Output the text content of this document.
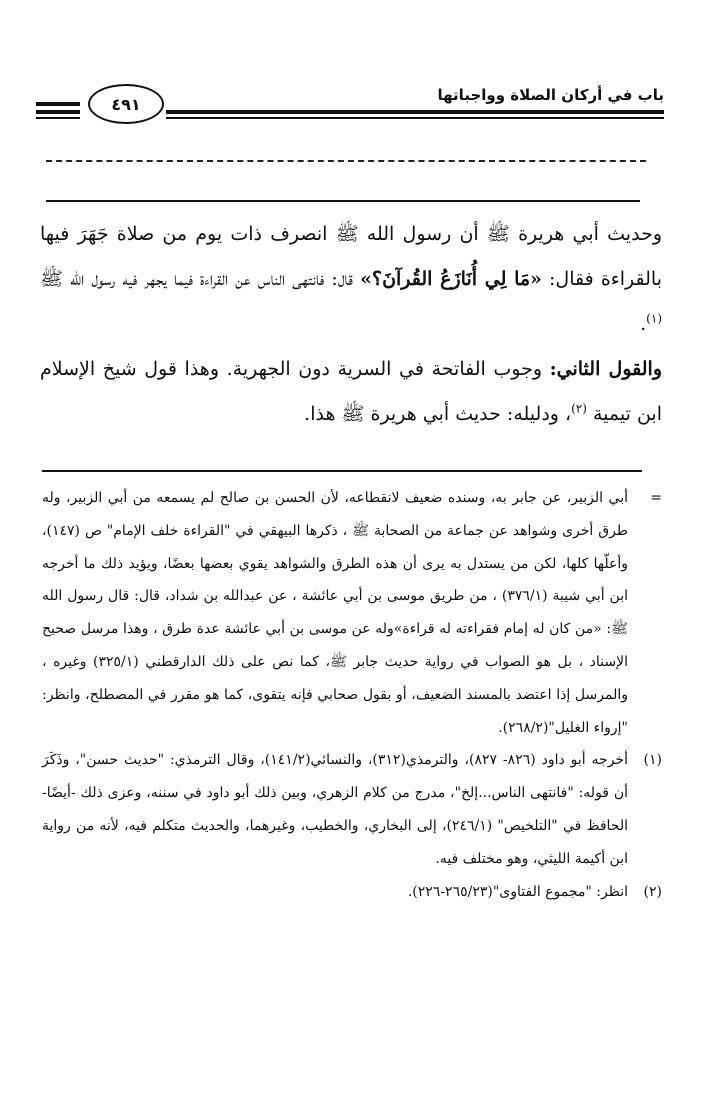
باب في أركان الصلاة وواجباتها
٤٩١

وحديث أبي هريرة ﷺ أن رسول الله ﷺ انصرف ذات يوم من صلاة جَهَرَ فيها بالقراءة فقال: «مَا لِي أُنَازَعُ القُرآنَ؟» قال: فانتهى الناس عن القراءة فيما يجهر فيه رسول الله ﷺ $^{(١)}$.

والقول الثاني: وجوب الفاتحة في السرية دون الجهرية. وهذا قول شيخ الإسلام ابن تيمية $^{(٢)}$، ودليله: حديث أبي هريرة ﷺ هذا.

=
أبي الزبير، عن جابر به، وسنده ضعيف لانقطاعه، لأن الحسن بن صالح لم يسمعه من أبي الزبير، وله طرق أخرى وشواهد عن جماعة من الصحابة ﷺ ، ذكرها البيهقي في "القراءة خلف الإمام" ص (١٤٧)، وأعلّها كلها، لكن من يستدل به يرى أن هذه الطرق والشواهد يقوي بعضها بعضًا، ويؤيد ذلك ما أخرجه ابن أبي شيبة (٣٧٦/١) ، من طريق موسى بن أبي عائشة ، عن عبدالله بن شداد، قال: قال رسول الله ﷺ: «من كان له إمام فقراءته له قراءة»وله عن موسى بن أبي عائشة عدة طرق ، وهذا مرسل صحيح الإسناد ، بل هو الصواب في رواية حديث جابر ﷺ، كما نص على ذلك الدارقطني (٣٢٥/١) وغيره ، والمرسل إذا اعتضد بالمسند الضعيف، أو بقول صحابي فإنه يتقوى، كما هو مقرر في المصطلح، وانظر: "إرواء الغليل"(٢٦٨/٢).

(١)
أخرجه أبو داود (٨٢٦- ٨٢٧)، والترمذي(٣١٢)، والنسائي(١٤١/٢)، وقال الترمذي: "حديث حسن"، وذَكَرَ أن قوله: "فانتهى الناس...إلخ"، مدرج من كلام الزهري، وبين ذلك أبو داود في سننه، وعزى ذلك -أيضًا- الحافظ في "التلخيص" (٢٤٦/١)، إلى البخاري، والخطيب، وغيرهما، والحديث متكلم فيه، لأنه من رواية ابن أكيمة الليثي، وهو مختلف فيه.

(٢)
انظر: "مجموع الفتاوى"(٢٦٥/٢٣-٢٢٦).
